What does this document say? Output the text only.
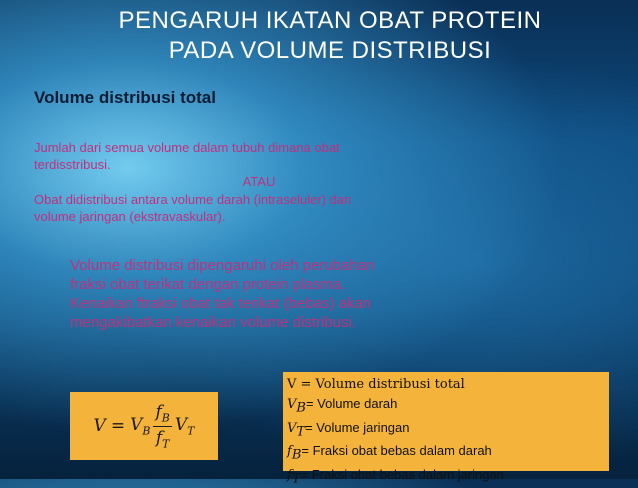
PENGARUH IKATAN OBAT PROTEIN
PADA VOLUME DISTRIBUSI
Volume distribusi total
Jumlah dari semua volume dalam tubuh dimana obat
terdisstribusi.
ATAU
Obat didistribusi antara volume darah (intraseluler) dan
volume jaringan (ekstravaskular).
Volume distribusi dipengaruhi oleh perubahan
fraksi obat terikat dengan protein plasma.
Kenaikan ftraksi obat tak terikat (bebas) akan
mengakibatkan kenaikan volume distribusi.
$V = V_B \frac{f_B}{f_T} V_T$
V = Volume distribusi total
$V_B=$ Volume darah
$V_T=$ Volume jaringan
$f_B=$ Fraksi obat bebas dalam darah
$f_T=$ Fraksi obat bebas dalam jaringan
